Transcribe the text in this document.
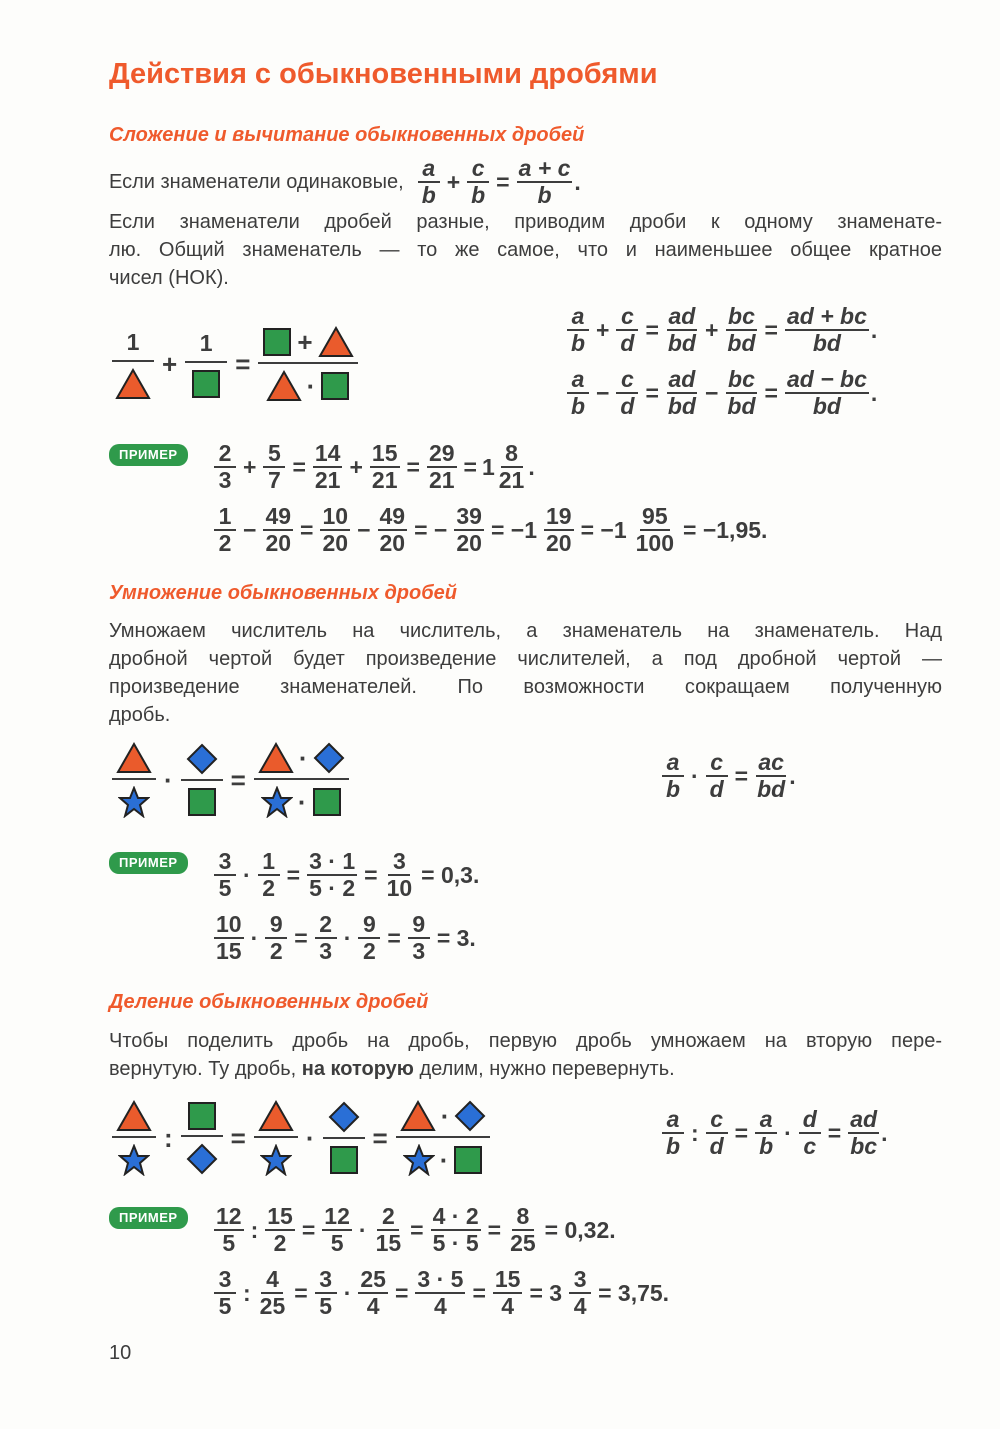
Действия с обыкновенными дробями
Сложение и вычитание обыкновенных дробей
Если знаменатели одинаковые,
a
b
+ $\frac{c}{b} = \frac{a + c}{b}$ .
Если знаменатели дробей разные, приводим дроби к одному знаменате-
лю. Общий знаменатель — то же самое, что и наименьшее общее кратное
чисел (НОК).
1
+
1
=
+
·
a
b
+ $\frac{c}{d} = \frac{ad}{bd} + \frac{bc}{bd} = \frac{ad + bc}{bd}$ .
a
b
− $\frac{c}{d} = \frac{ad}{bd} - \frac{bc}{bd} = \frac{ad - bc}{bd}$ .
ПРИМЕР	2
3
+ $\frac{5}{7} = \frac{14}{21} + \frac{15}{21} = \frac{29}{21} = 1$
8
21
.
1
2
− $\frac{49}{20} = \frac{10}{20} - \frac{49}{20}$ = − $\frac{39}{20} = -1 \frac{19}{20} = -1 \frac{95}{100} = -1,95$.
Умножение обыкновенных дробей
Умножаем числитель на числитель, а знаменатель на знаменатель. Над
дробной чертой будет произведение числителей, а под дробной чертой —
произведение знаменателей. По возможности сокращаем полученную
дробь.
· =
·
·
a
b
· $\frac{c}{d} = \frac{ac}{bd}$ .
ПРИМЕР	3
5
· $\frac{1}{2} = \frac{3 \cdot 1}{5 \cdot 2} = \frac{3}{10} = 0,3$.
10
15
· $\frac{9}{2} = \frac{2}{3} \cdot \frac{9}{2} = \frac{9}{3} = 3$.
Деление обыкновенных дробей
Чтобы поделить дробь на дробь, первую дробь умножаем на вторую пере-
вернутую. Ту дробь, на которую делим, нужно перевернуть.
: = · =
·
·
a
b
: $\frac{c}{d} = \frac{a}{b} \cdot \frac{d}{c} = \frac{ad}{bc}$ .
ПРИМЕР	12
5
: $\frac{15}{2} = \frac{12}{5} \cdot \frac{2}{15} = \frac{4 \cdot 2}{5 \cdot 5} = \frac{8}{25} = 0,32$.
3
5
: $\frac{4}{25} = \frac{3}{5} \cdot \frac{25}{4} = \frac{3 \cdot 5}{4} = \frac{15}{4} = 3 \frac{3}{4} = 3,75$.
10
